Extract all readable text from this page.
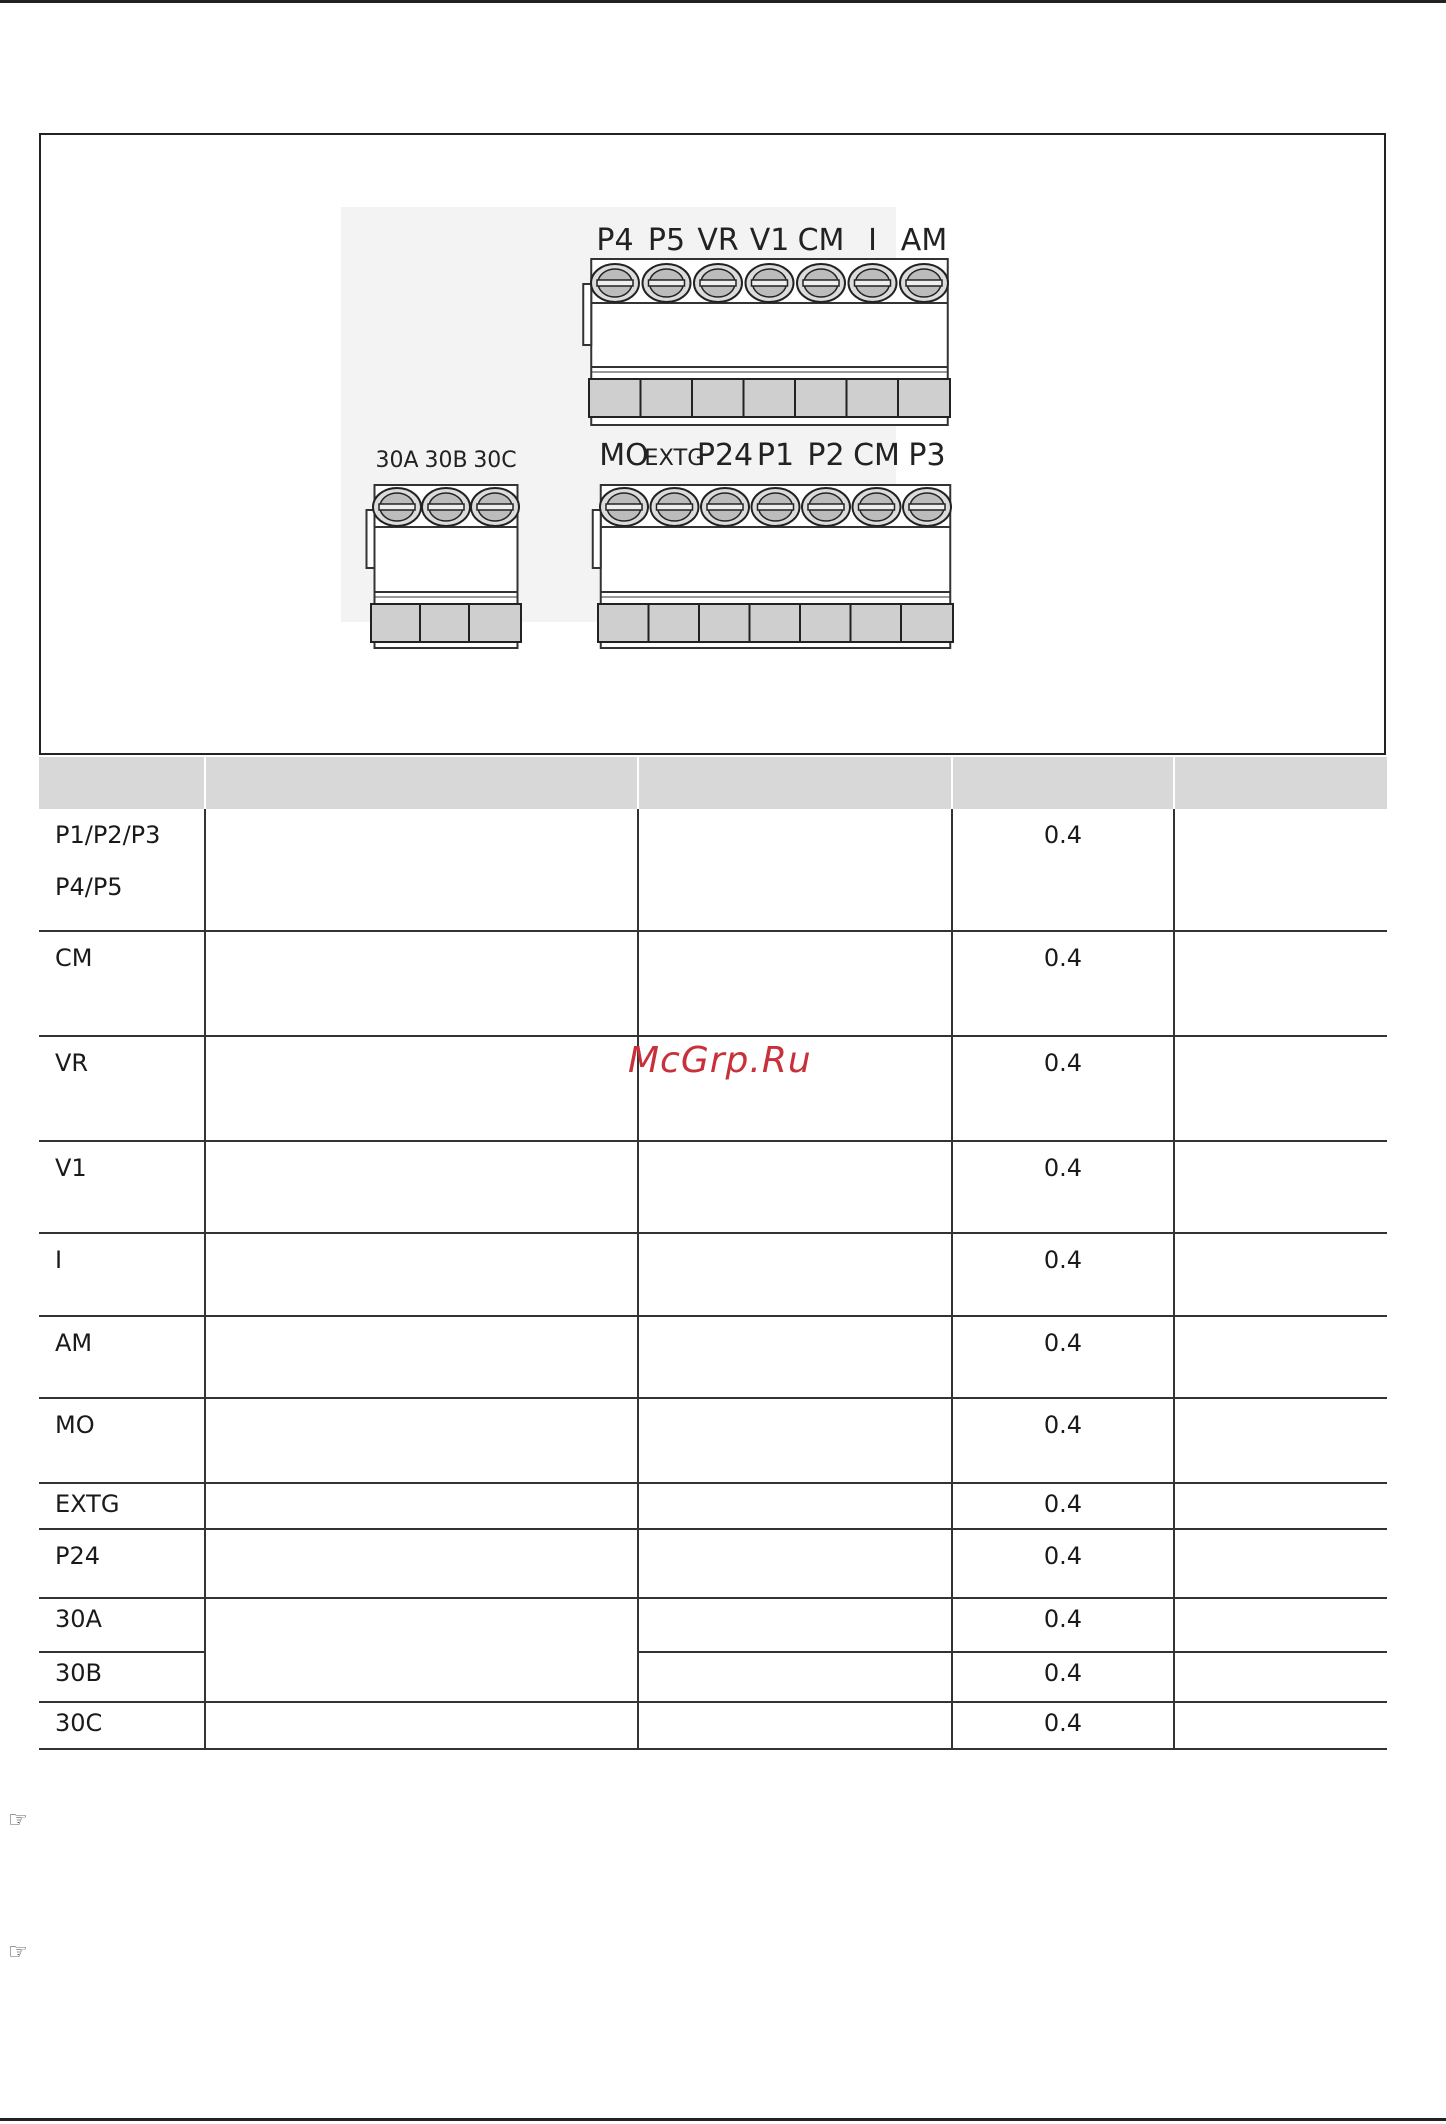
P4 P5 VR V1 CM I AM
30A 30B 30C	MO
EXTG
P24 P1 P2 CM P3

P1/P2/P3
P4/P5			0.4	
CM			0.4	
VR			0.4	
V1			0.4	
I			0.4	
AM			0.4	
MO			0.4	
EXTG			0.4	
P24			0.4	
30A			0.4	
30B			0.4	
30C			0.4	
McGrp.Ru
☞
☞
